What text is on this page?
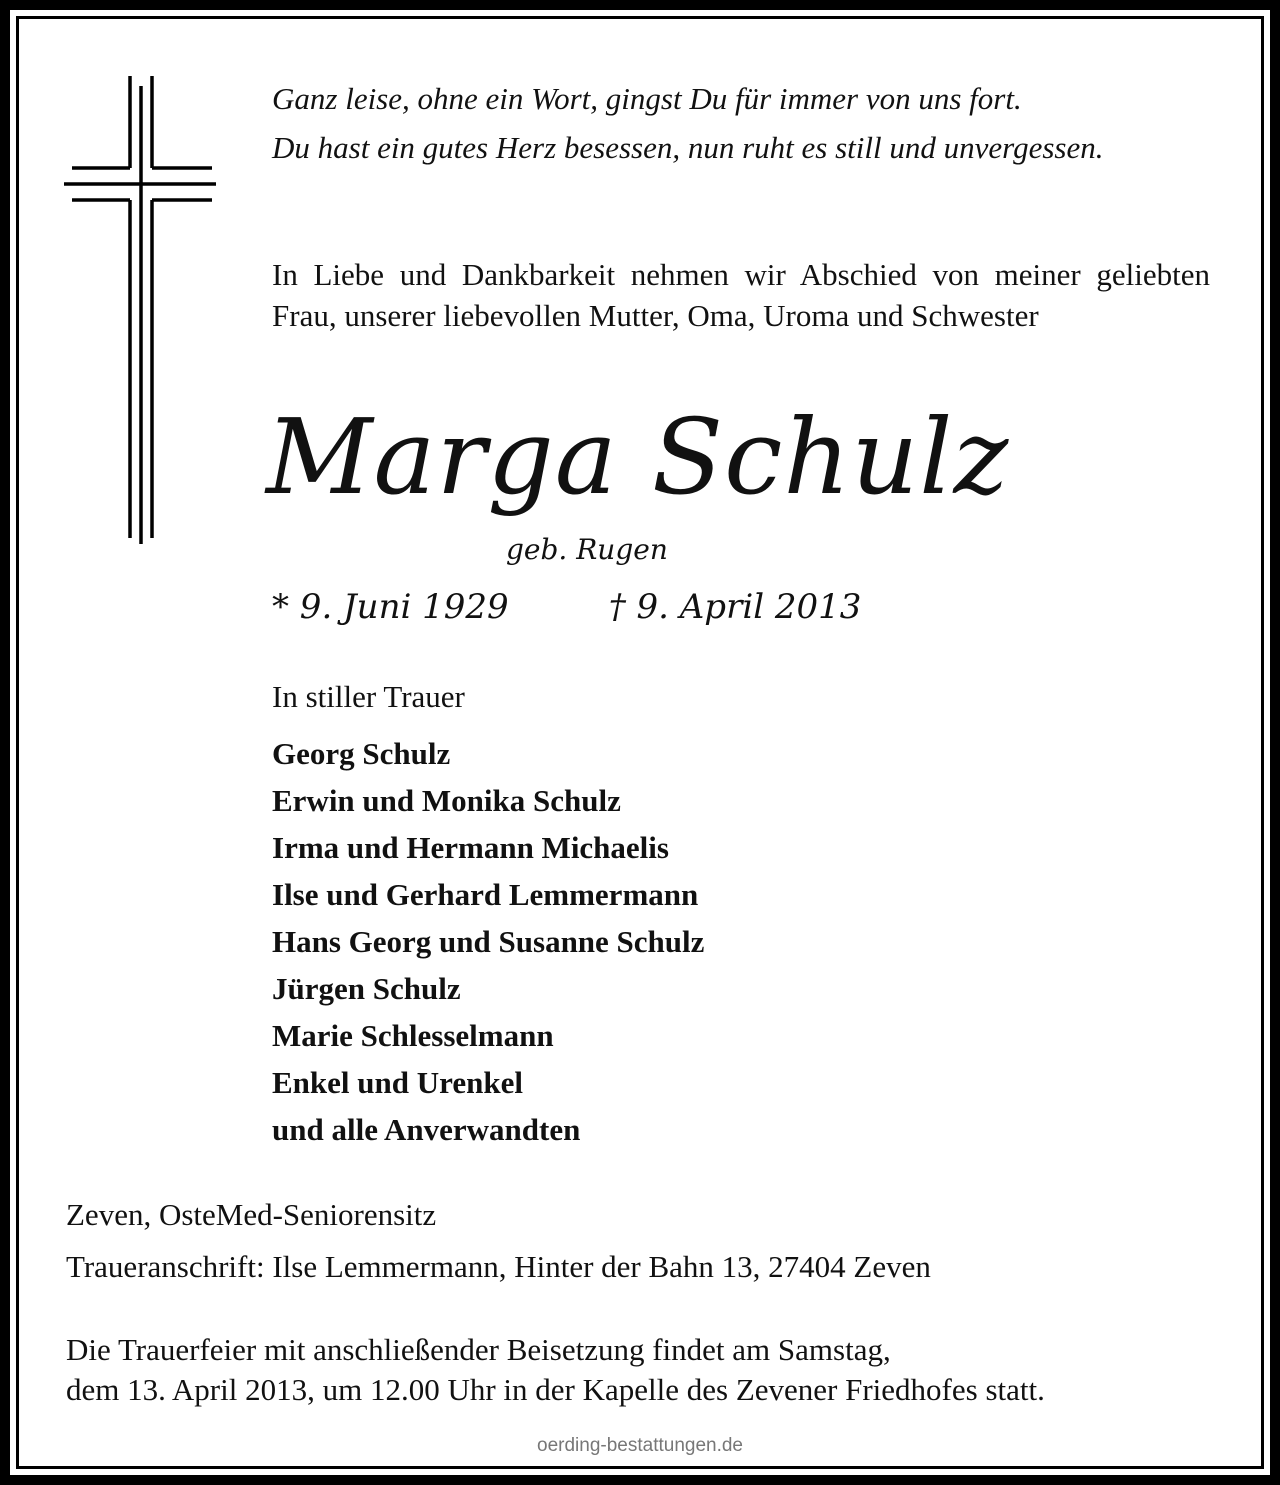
Ganz leise, ohne ein Wort, gingst Du für immer von uns fort.
Du hast ein gutes Herz besessen, nun ruht es still und unvergessen.

In Liebe und Dankbarkeit nehmen wir Abschied von meiner geliebten Frau, unserer liebevollen Mutter, Oma, Uroma und Schwester

Marga Schulz
geb. Rugen
* 9. Juni 1929	† 9. April 2013
In stiller Trauer
Georg Schulz
Erwin und Monika Schulz
Irma und Hermann Michaelis
Ilse und Gerhard Lemmermann
Hans Georg und Susanne Schulz
Jürgen Schulz
Marie Schlesselmann
Enkel und Urenkel
und alle Anverwandten
Zeven, OsteMed-Seniorensitz
Traueranschrift: Ilse Lemmermann, Hinter der Bahn 13, 27404 Zeven
Die Trauerfeier mit anschließender Beisetzung findet am Samstag,
dem 13. April 2013, um 12.00 Uhr in der Kapelle des Zevener Friedhofes statt.
oerding-bestattungen.de
